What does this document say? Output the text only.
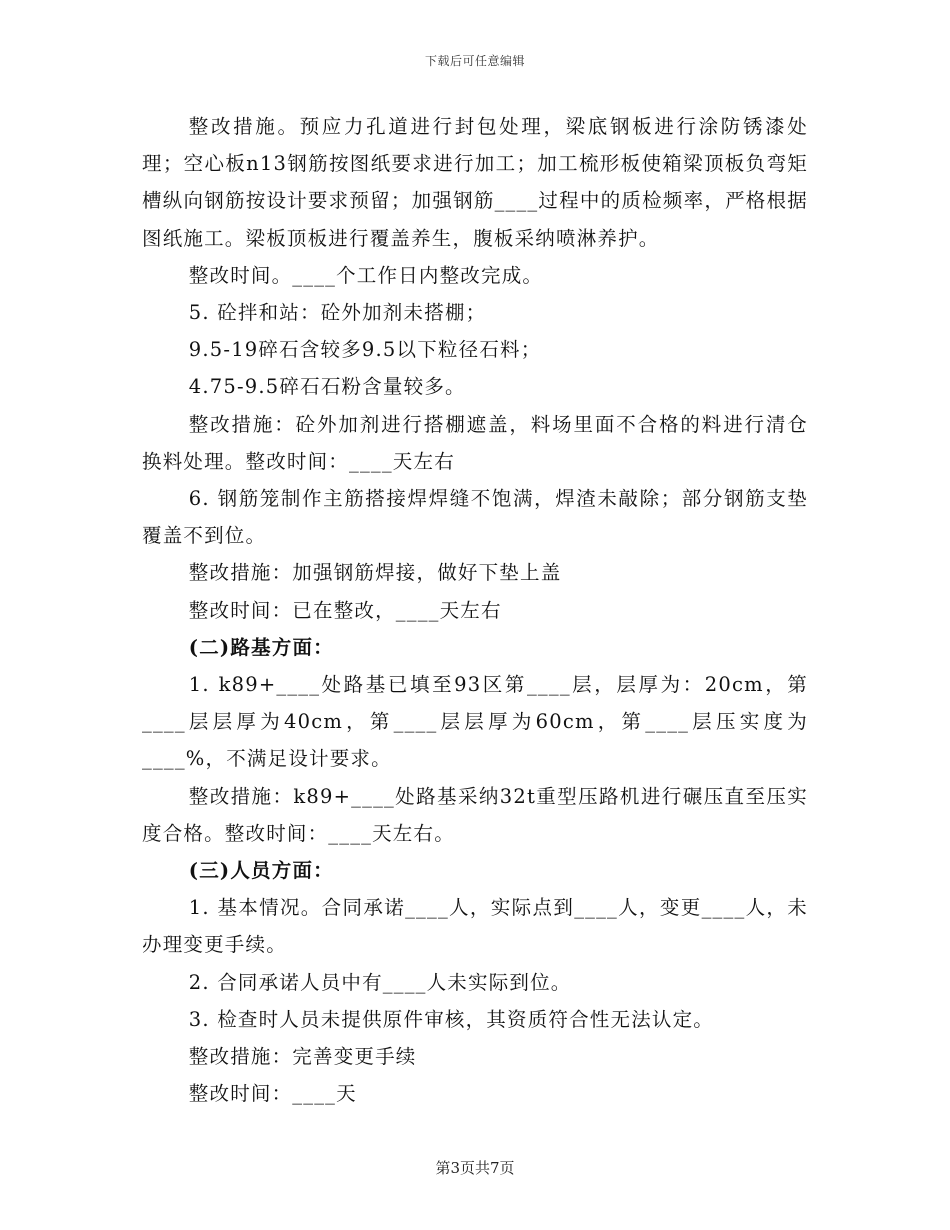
下载后可任意编辑

整改措施。预应力孔道进行封包处理，梁底钢板进行涂防锈漆处理；空心板n13钢筋按图纸要求进行加工；加工梳形板使箱梁顶板负弯矩槽纵向钢筋按设计要求预留；加强钢筋____过程中的质检频率，严格根据图纸施工。梁板顶板进行覆盖养生，腹板采纳喷淋养护。

整改时间。____个工作日内整改完成。

5. 砼拌和站：砼外加剂未搭棚；

9.5-19碎石含较多9.5以下粒径石料；

4.75-9.5碎石石粉含量较多。

整改措施：砼外加剂进行搭棚遮盖，料场里面不合格的料进行清仓换料处理。整改时间：____天左右

6. 钢筋笼制作主筋搭接焊焊缝不饱满，焊渣未敲除；部分钢筋支垫覆盖不到位。

整改措施：加强钢筋焊接，做好下垫上盖

整改时间：已在整改，____天左右

(二)路基方面：

1. k89+____处路基已填至93区第____层，层厚为：20cm，第____层层厚为40cm，第____层层厚为60cm，第____层压实度为____%，不满足设计要求。

整改措施：k89+____处路基采纳32t重型压路机进行碾压直至压实度合格。整改时间：____天左右。

(三)人员方面：

1. 基本情况。合同承诺____人，实际点到____人，变更____人，未办理变更手续。

2. 合同承诺人员中有____人未实际到位。

3. 检查时人员未提供原件审核，其资质符合性无法认定。

整改措施：完善变更手续

整改时间：____天

第3页共7页
